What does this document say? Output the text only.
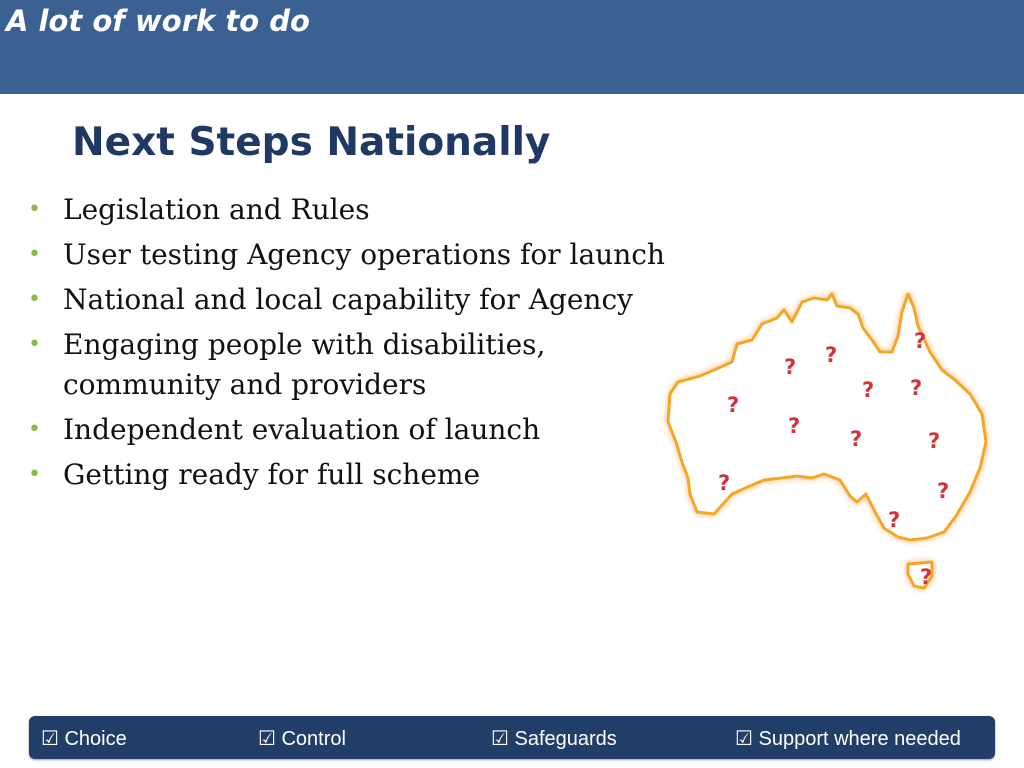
A lot of work to do
Next Steps Nationally
• Legislation and Rules
• User testing Agency operations for launch
• National and local capability for Agency
• Engaging people with disabilities, community and providers
• Independent evaluation of launch
• Getting ready for full scheme
? ?
?
?
? ?
?
?	?
?	?
?
?
☑ Choice	☑ Control	☑ Safeguards	☑ Support where needed
